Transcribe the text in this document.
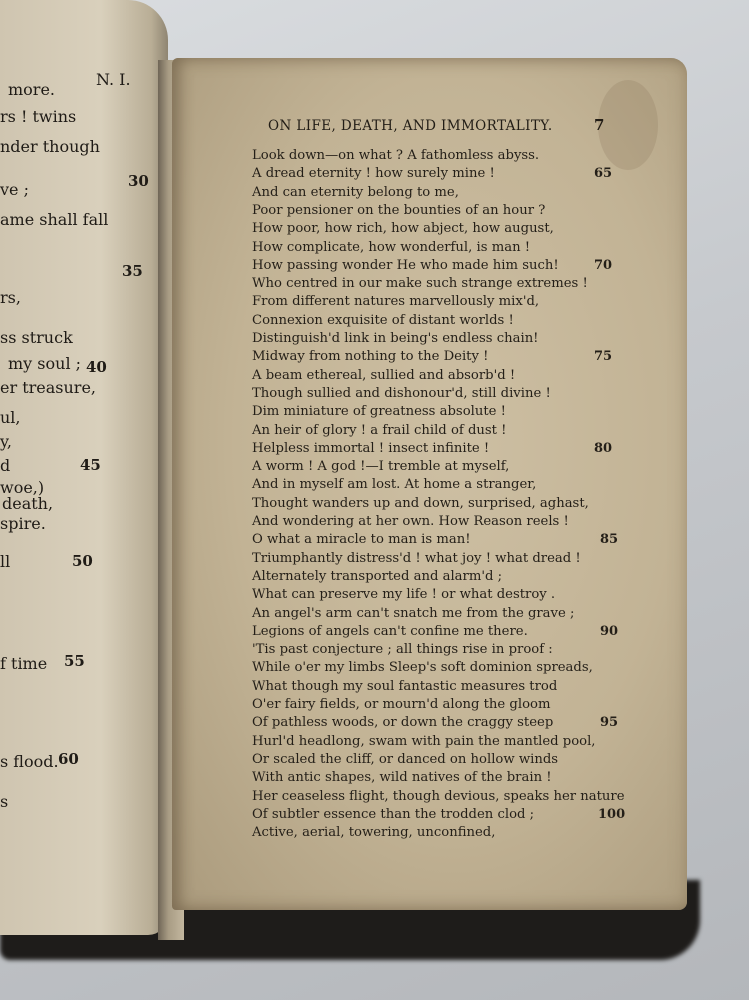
N. I.
more.
rs ! twins
nder though
ve ;
ame shall fall
rs,
ss struck
my soul ;
er treasure,
ul,
y,
d
woe,)
death,
spire.
ll
f time
s flood.
s
30
35
40
45
50
55
60
ON LIFE, DEATH, AND IMMORTALITY.	7
Look down—on what ? A fathomless abyss.
A dread eternity ! how surely mine !
And can eternity belong to me,
Poor pensioner on the bounties of an hour ?
How poor, how rich, how abject, how august,
How complicate, how wonderful, is man !
How passing wonder He who made him such!
Who centred in our make such strange extremes !
From different natures marvellously mix'd,
Connexion exquisite of distant worlds !
Distinguish'd link in being's endless chain!
Midway from nothing to the Deity !
A beam ethereal, sullied and absorb'd !
Though sullied and dishonour'd, still divine !
Dim miniature of greatness absolute !
An heir of glory ! a frail child of dust !
Helpless immortal ! insect infinite !
A worm ! A god !—I tremble at myself,
And in myself am lost. At home a stranger,
Thought wanders up and down, surprised, aghast,
And wondering at her own. How Reason reels !
O what a miracle to man is man!
Triumphantly distress'd ! what joy ! what dread !
Alternately transported and alarm'd ;
What can preserve my life ! or what destroy .
An angel's arm can't snatch me from the grave ;
Legions of angels can't confine me there.
'Tis past conjecture ; all things rise in proof :
While o'er my limbs Sleep's soft dominion spreads,
What though my soul fantastic measures trod
O'er fairy fields, or mourn'd along the gloom
Of pathless woods, or down the craggy steep
Hurl'd headlong, swam with pain the mantled pool,
Or scaled the cliff, or danced on hollow winds
With antic shapes, wild natives of the brain !
Her ceaseless flight, though devious, speaks her nature
Of subtler essence than the trodden clod ;
Active, aerial, towering, unconfined,
65
70
75
80
85
90
95
100
